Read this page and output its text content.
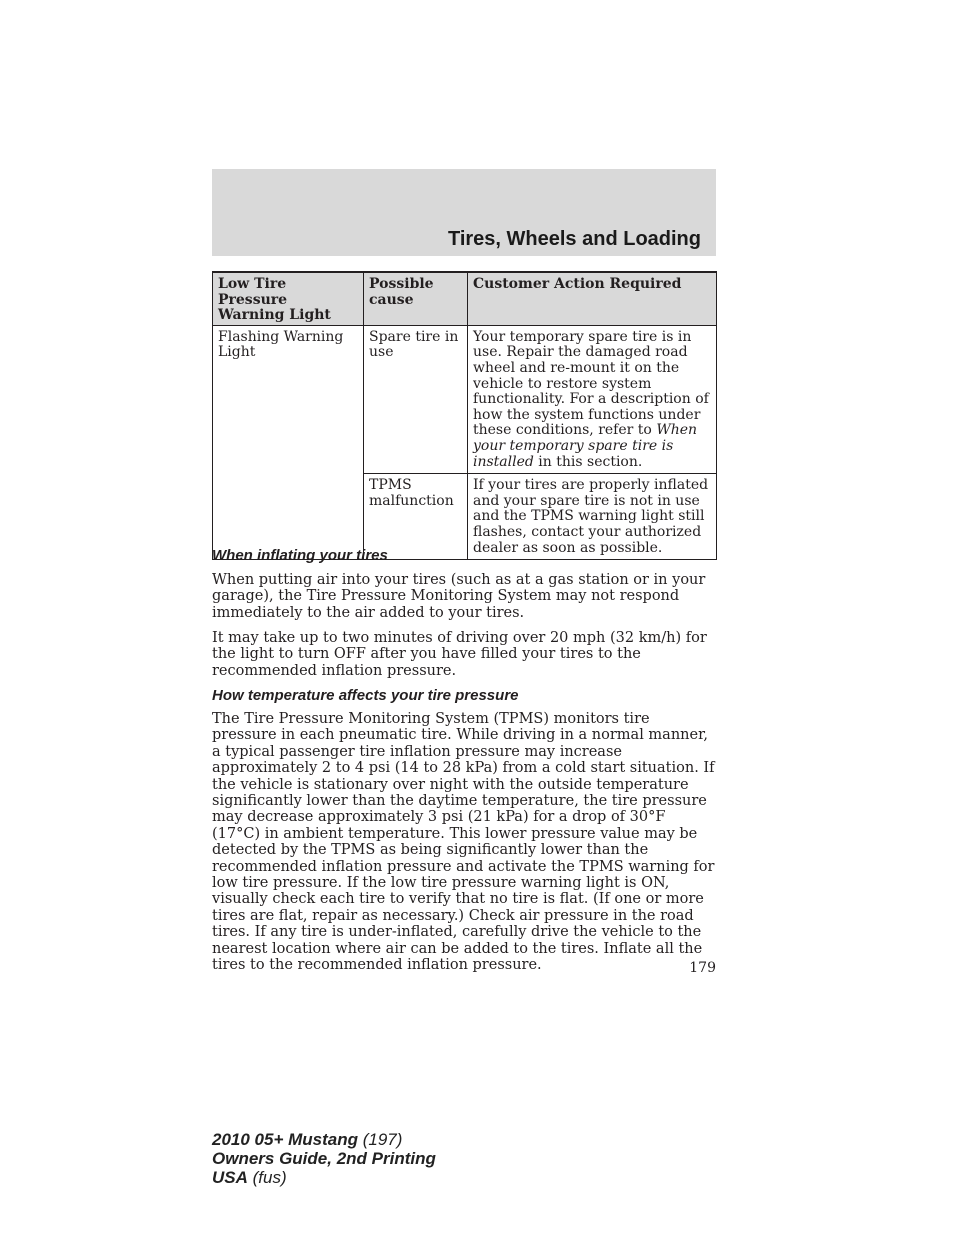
Tires, Wheels and Loading
Low Tire Pressure Warning Light	Possible cause	Customer Action Required
Flashing Warning Light	Spare tire in use	Your temporary spare tire is in use. Repair the damaged road wheel and re-mount it on the vehicle to restore system functionality. For a description of how the system functions under these conditions, refer to When your temporary spare tire is installed in this section.
	TPMS malfunction	If your tires are properly inflated and your spare tire is not in use and the TPMS warning light still flashes, contact your authorized dealer as soon as possible.
When inflating your tires

When putting air into your tires (such as at a gas station or in your garage), the Tire Pressure Monitoring System may not respond immediately to the air added to your tires.

It may take up to two minutes of driving over 20 mph (32 km/h) for the light to turn OFF after you have filled your tires to the recommended inflation pressure.

How temperature affects your tire pressure

The Tire Pressure Monitoring System (TPMS) monitors tire pressure in each pneumatic tire. While driving in a normal manner, a typical passenger tire inflation pressure may increase approximately 2 to 4 psi (14 to 28 kPa) from a cold start situation. If the vehicle is stationary over night with the outside temperature significantly lower than the daytime temperature, the tire pressure may decrease approximately 3 psi (21 kPa) for a drop of 30°F (17°C) in ambient temperature. This lower pressure value may be detected by the TPMS as being significantly lower than the recommended inflation pressure and activate the TPMS warning for low tire pressure. If the low tire pressure warning light is ON, visually check each tire to verify that no tire is flat. (If one or more tires are flat, repair as necessary.) Check air pressure in the road tires. If any tire is under-inflated, carefully drive the vehicle to the nearest location where air can be added to the tires. Inflate all the tires to the recommended inflation pressure.	179
2010 05+ Mustang (197)
Owners Guide, 2nd Printing
USA (fus)
